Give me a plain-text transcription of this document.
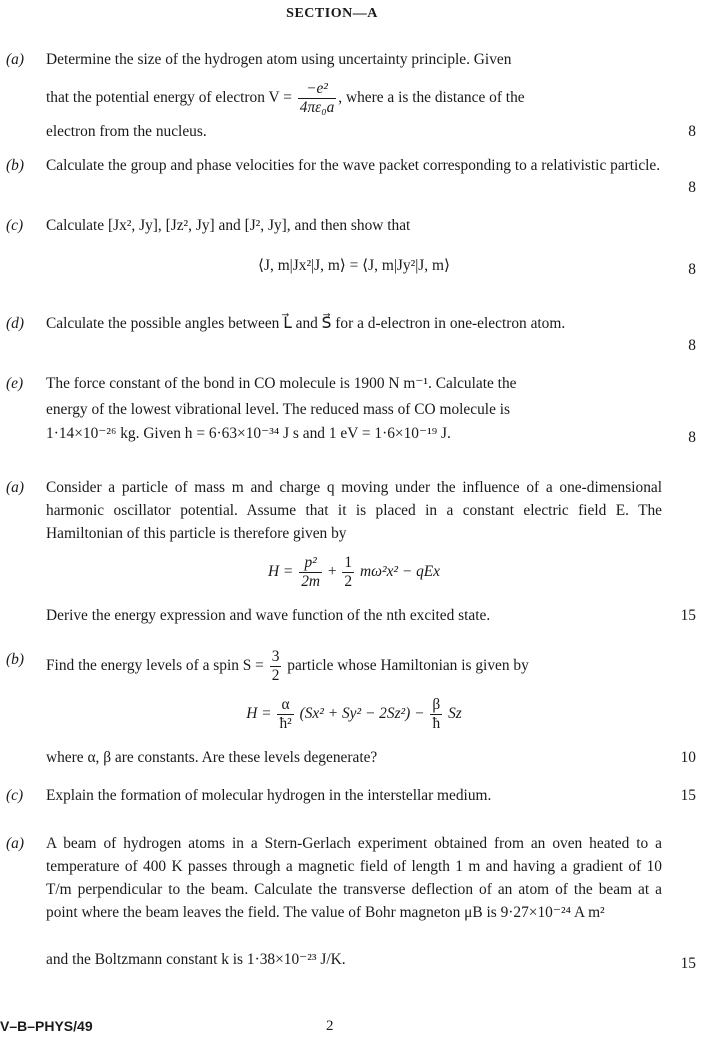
SECTION—A
(a) Determine the size of the hydrogen atom using uncertainty principle. Given
that the potential energy of electron $V = \frac{\text{−e²}}{\text{4πε₀a}}$ , where a is the distance of the
electron from the nucleus.	8
(b) Calculate the group and phase velocities for the wave packet corresponding to a relativistic particle.
8
(c) Calculate [Jx², Jy], [Jz², Jy] and [J², Jy], and then show that
⟨J, m|Jx²|J, m⟩ = ⟨J, m|Jy²|J, m⟩	8
(d) Calculate the possible angles between L⃗ and S⃗ for a d-electron in one-electron atom.
8
(e) The force constant of the bond in CO molecule is 1900 N m⁻¹. Calculate the
energy of the lowest vibrational level. The reduced mass of CO molecule is
1·14×10⁻²⁶ kg. Given h = 6·63×10⁻³⁴ J s and 1 eV = 1·6×10⁻¹⁹ J.	8
(a) Consider a particle of mass m and charge q moving under the influence of a one-dimensional harmonic oscillator potential. Assume that it is placed in a constant electric field E. The Hamiltonian of this particle is therefore given by
$H = \frac{\text{p²}}{2m} + \frac{1}{2} m\omega^2x^2$ − qEx
Derive the energy expression and wave function of the nth excited state.	15
(b) Find the energy levels of a spin $S = \frac{3}{2}$ particle whose Hamiltonian is given by
$H = \frac{\alpha}{\text{ħ²}} (Sx^2 + Sy^2 - 2Sz^2) - \frac{\beta}{ħ}$ Sz
where α, β are constants. Are these levels degenerate?	10
(c) Explain the formation of molecular hydrogen in the interstellar medium.	15
(a) A beam of hydrogen atoms in a Stern-Gerlach experiment obtained from an oven heated to a temperature of 400 K passes through a magnetic field of length 1 m and having a gradient of 10 T/m perpendicular to the beam. Calculate the transverse deflection of an atom of the beam at a point where the beam leaves the field. The value of Bohr magneton μB is 9·27×10⁻²⁴ A m²
and the Boltzmann constant k is 1·38×10⁻²³ J/K.	15
V–B–PHYS/49	2
